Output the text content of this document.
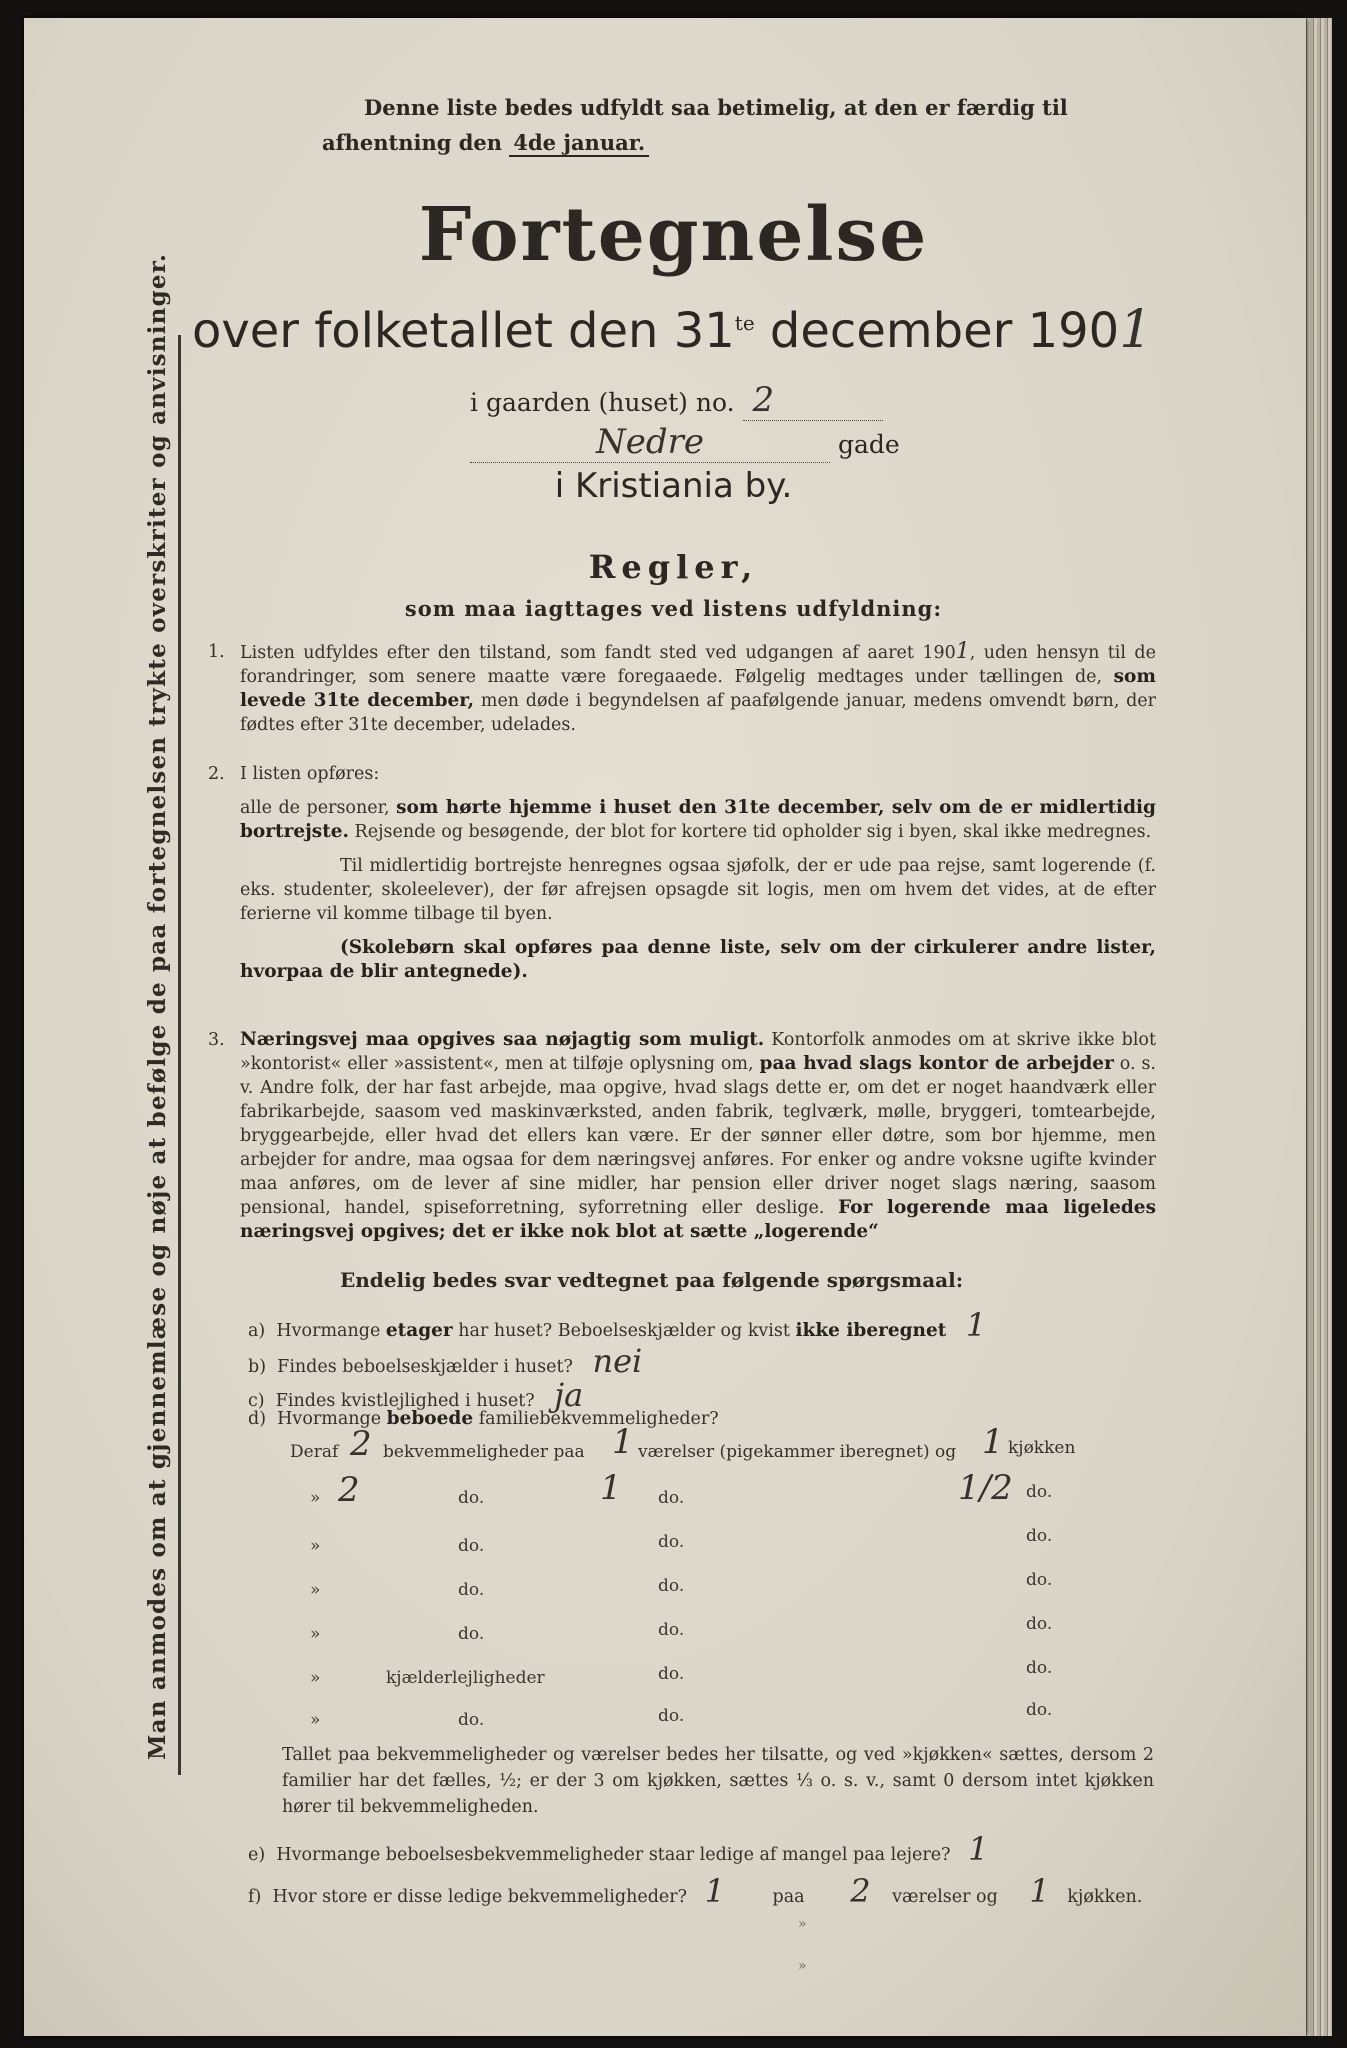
Man anmodes om at gjennemlæse og nøje at befølge de paa fortegnelsen trykte overskriter og anvisninger.
Denne liste bedes udfyldt saa betimelig, at den er færdig til
afhentning den 4de januar.
Fortegnelse
over folketallet den $31^{te}$ december 1901
i gaarden (huset) no. 2
Nedre	gade
i Kristiania by.
Regler,
som maa iagttages ved listens udfyldning:
1. Listen udfyldes efter den tilstand, som fandt sted ved udgangen af aaret 1901, uden hensyn til de forandringer, som senere maatte være foregaaede. Følgelig medtages under tællingen de, som levede 31te december, men døde i begyndelsen af paafølgende januar, medens omvendt børn, der fødtes efter 31te december, udelades.
2. I listen opføres:

alle de personer, som hørte hjemme i huset den 31te december, selv om de er midlertidig bortrejste. Rejsende og besøgende, der blot for kortere tid opholder sig i byen, skal ikke medregnes.

Til midlertidig bortrejste henregnes ogsaa sjøfolk, der er ude paa rejse, samt logerende (f. eks. studenter, skoleelever), der før afrejsen opsagde sit logis, men om hvem det vides, at de efter ferierne vil komme tilbage til byen.

(Skolebørn skal opføres paa denne liste, selv om der cirkulerer andre lister, hvorpaa de blir antegnede).

3. Næringsvej maa opgives saa nøjagtig som muligt. Kontorfolk anmodes om at skrive ikke blot »kontorist« eller »assistent«, men at tilføje oplysning om, paa hvad slags kontor de arbejder o. s. v. Andre folk, der har fast arbejde, maa opgive, hvad slags dette er, om det er noget haandværk eller fabrikarbejde, saasom ved maskinværksted, anden fabrik, teglværk, mølle, bryggeri, tomtearbejde, bryggearbejde, eller hvad det ellers kan være. Er der sønner eller døtre, som bor hjemme, men arbejder for andre, maa ogsaa for dem næringsvej anføres. For enker og andre voksne ugifte kvinder maa anføres, om de lever af sine midler, har pension eller driver noget slags næring, saasom pensional, handel, spiseforretning, syforretning eller deslige. For logerende maa ligeledes næringsvej opgives; det er ikke nok blot at sætte „logerende“
Endelig bedes svar vedtegnet paa følgende spørgsmaal:
a) Hvormange etager har huset? Beboelseskjælder og kvist ikke iberegnet 1
b) Findes beboelseskjælder i huset? nei
c) Findes kvistlejlighed i huset? ja
d) Hvormange beboede familiebekvemmeligheder?
Deraf 2 bekvemmeligheder paa 1 værelser (pigekammer iberegnet) og 1 kjøkken
» 2	do.	1 do.	1/2 do.
»	do.	do.	do.
»	do.	do.	do.
»	do.	do.	do.
»	kjælderlejligheder	do.	do.
»	do.	do.	do.
Tallet paa bekvemmeligheder og værelser bedes her tilsatte, og ved »kjøkken« sættes, dersom 2 familier har det fælles, ½; er der 3 om kjøkken, sættes ⅓ o. s. v., samt 0 dersom intet kjøkken hører til bekvemmeligheden.
e) Hvormange beboelsesbekvemmeligheder staar ledige af mangel paa lejere? 1
f) Hvor store er disse ledige bekvemmeligheder? 1	paa 2 værelser og 1 kjøkken.
»
»
